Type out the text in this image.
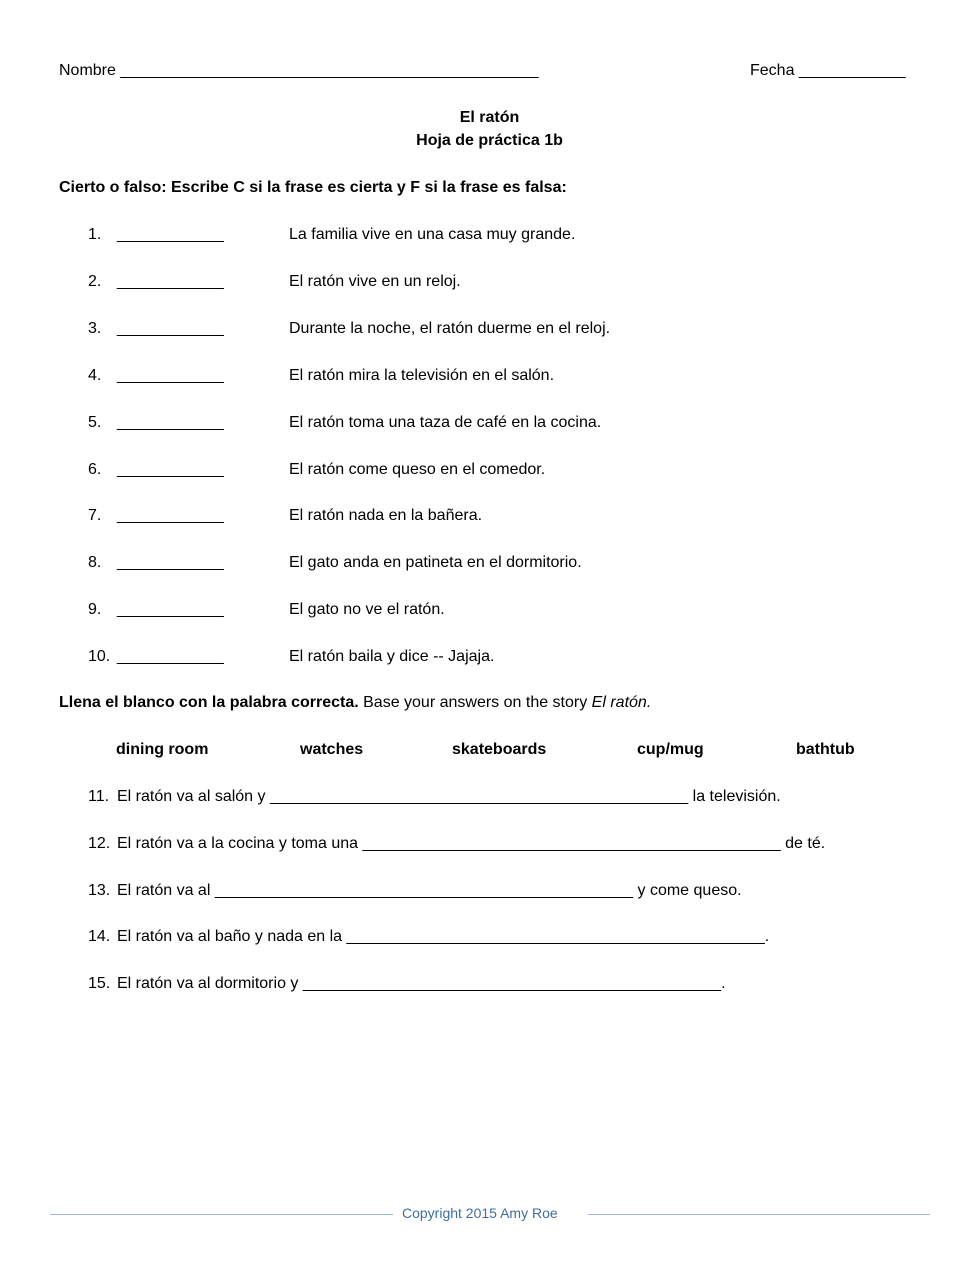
Nombre _______________________________________________	Fecha ____________
El ratón
Hoja de práctica 1b
Cierto o falso: Escribe C si la frase es cierta y F si la frase es falsa:
1. ____________	La familia vive en una casa muy grande.
2. ____________	El ratón vive en un reloj.
3. ____________	Durante la noche, el ratón duerme en el reloj.
4. ____________	El ratón mira la televisión en el salón.
5. ____________	El ratón toma una taza de café en la cocina.
6. ____________	El ratón come queso en el comedor.
7. ____________	El ratón nada en la bañera.
8. ____________	El gato anda en patineta en el dormitorio.
9. ____________	El gato no ve el ratón.
10. ____________	El ratón baila y dice -- Jajaja.
Llena el blanco con la palabra correcta. Base your answers on the story El ratón.
dining room	watches	skateboards	cup/mug	bathtub
11. El ratón va al salón y _______________________________________________ la televisión.
12. El ratón va a la cocina y toma una _______________________________________________ de té.
13. El ratón va al _______________________________________________ y come queso.
14. El ratón va al baño y nada en la _______________________________________________.
15. El ratón va al dormitorio y _______________________________________________.
Copyright 2015 Amy Roe
